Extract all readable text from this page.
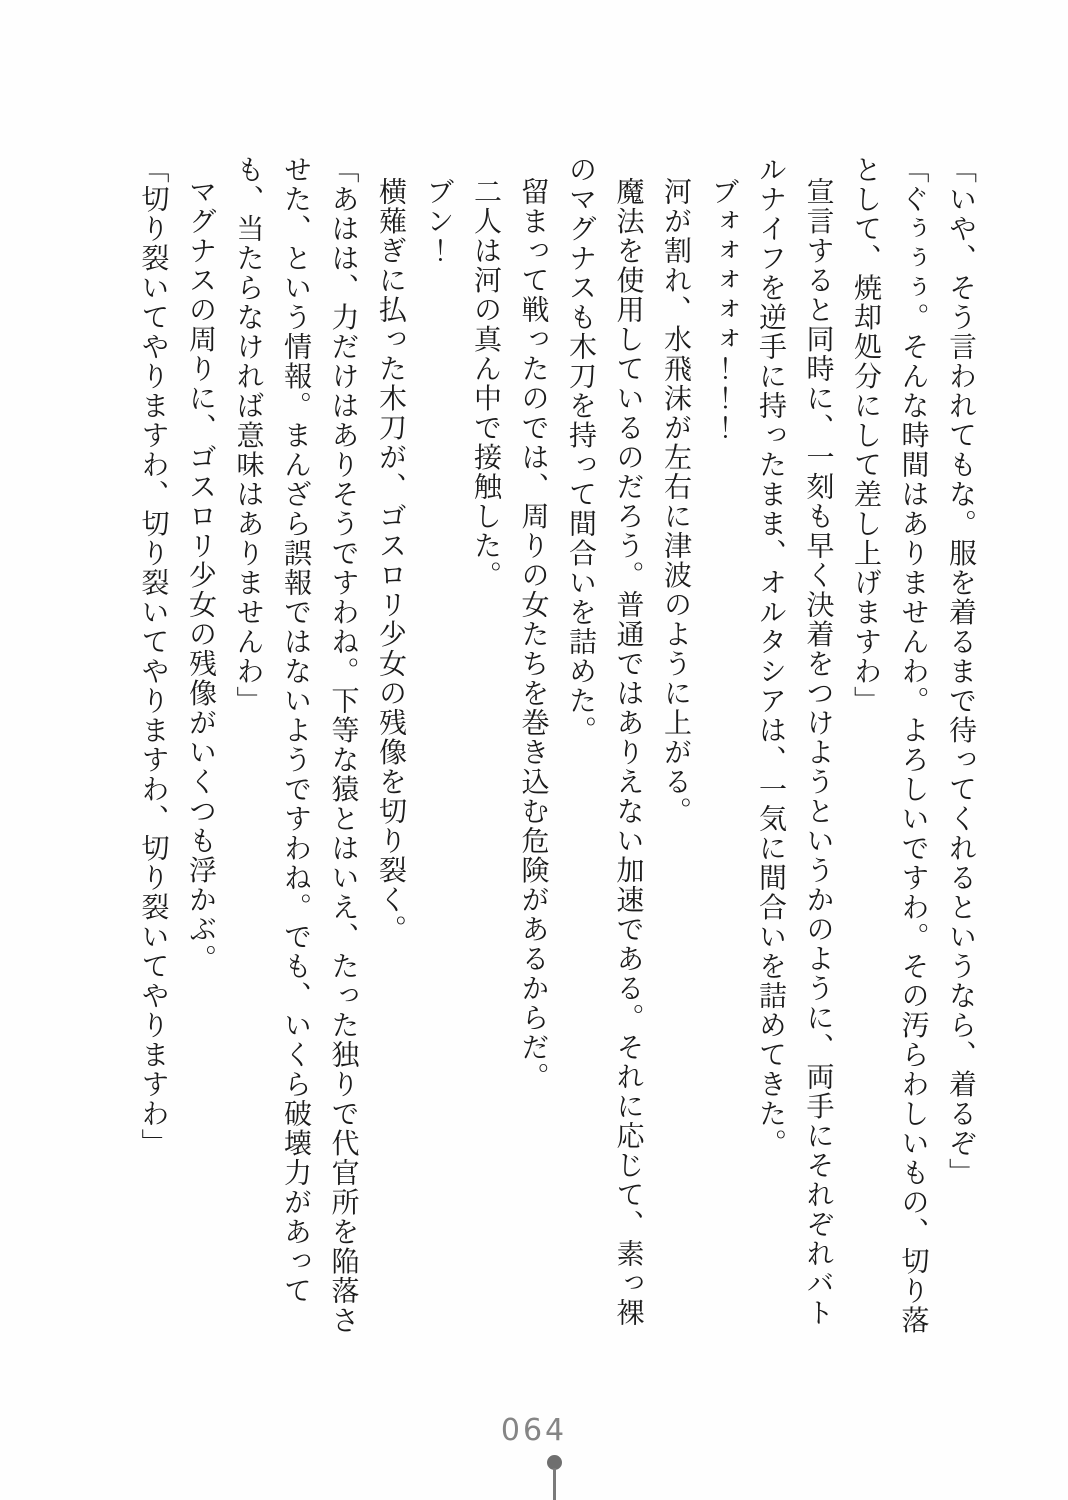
「いや、そう言われてもな。服を着るまで待ってくれるというなら、着るぞ」

「ぐぅぅぅ。そんな時間はありませんわ。よろしいですわ。その汚らわしいもの、切り落として、焼却処分にして差し上げますわ」

宣言すると同時に、一刻も早く決着をつけようというかのように、両手にそれぞれバトルナイフを逆手に持ったまま、オルタシアは、一気に間合いを詰めてきた。

ブォォォォォ！！！

河が割れ、水飛沫が左右に津波のように上がる。

魔法を使用しているのだろう。普通ではありえない加速である。それに応じて、素っ裸のマグナスも木刀を持って間合いを詰めた。

留まって戦ったのでは、周りの女たちを巻き込む危険があるからだ。

二人は河の真ん中で接触した。

ブン！

横薙ぎに払った木刀が、ゴスロリ少女の残像を切り裂く。

「あはは、力だけはありそうですわね。下等な猿とはいえ、たった独りで代官所を陥落させた、という情報。まんざら誤報ではないようですわね。でも、いくら破壊力があっても、当たらなければ意味はありませんわ」

マグナスの周りに、ゴスロリ少女の残像がいくつも浮かぶ。

「切り裂いてやりますわ、切り裂いてやりますわ、切り裂いてやりますわ」

064
